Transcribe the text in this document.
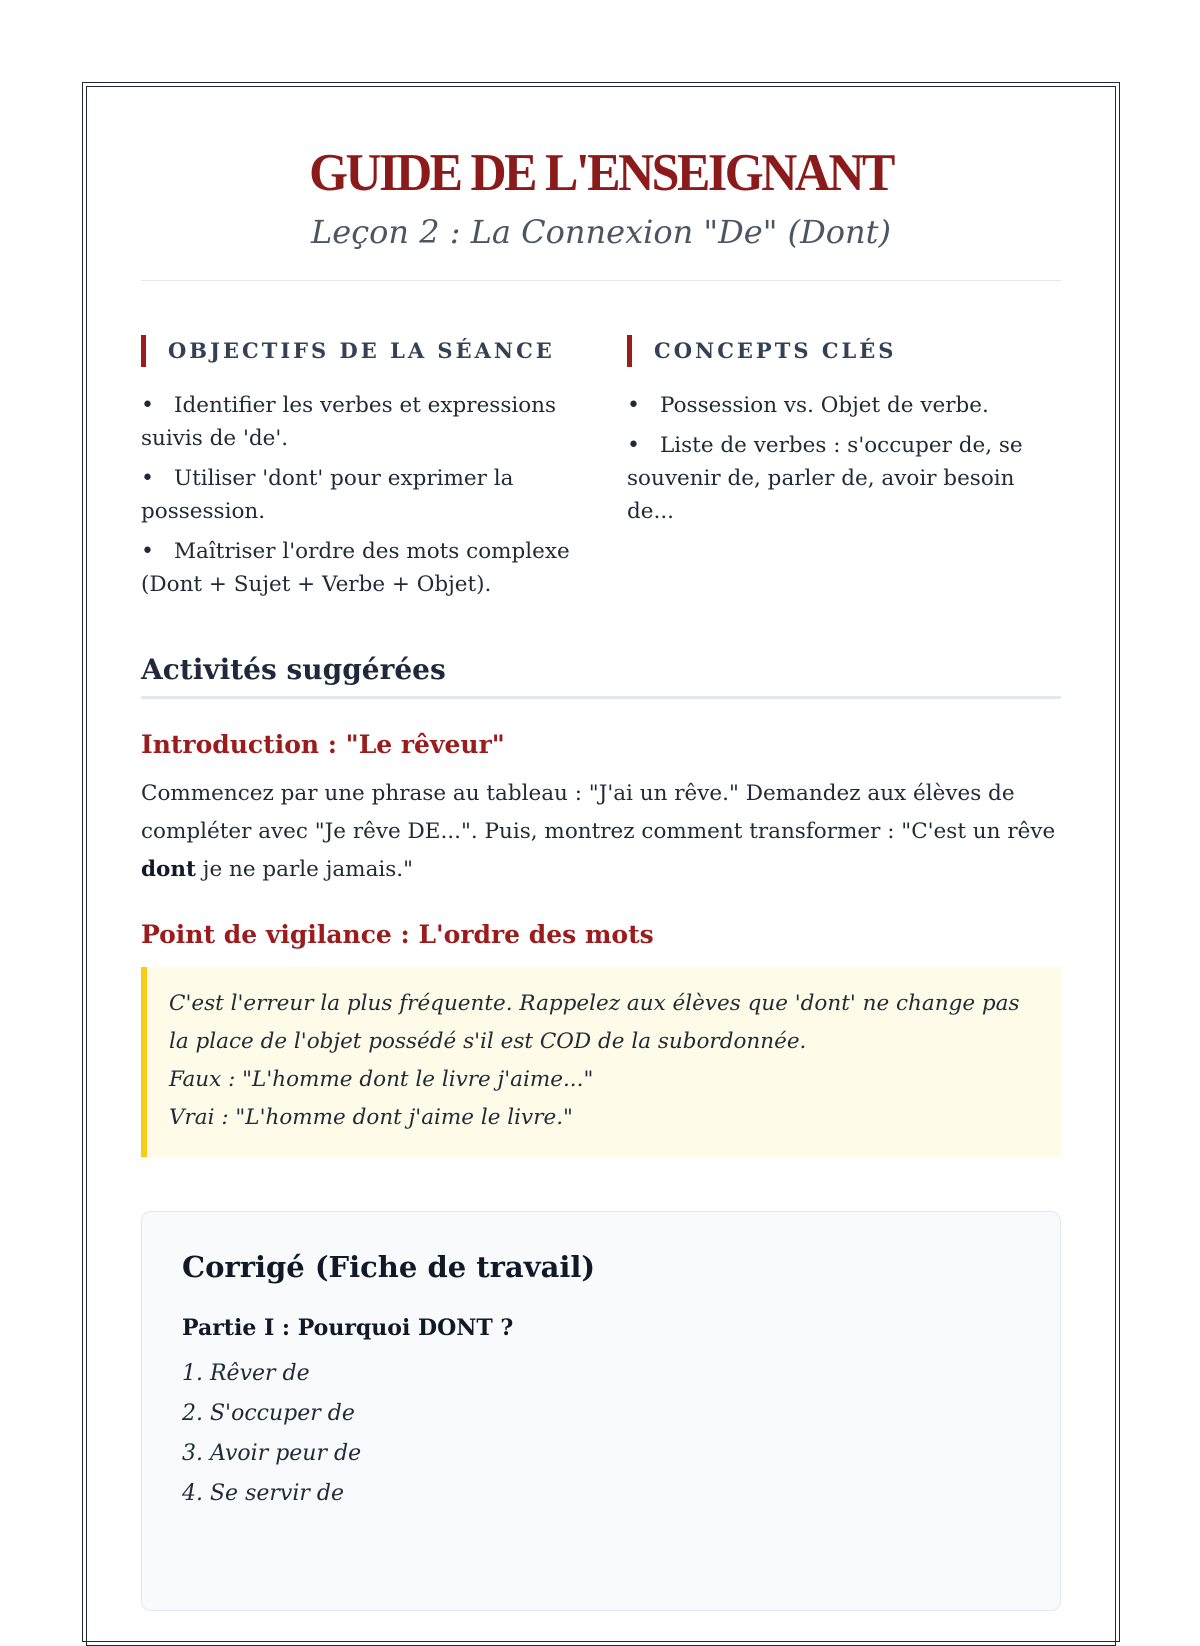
GUIDE DE L'ENSEIGNANT

Leçon 2 : La Connexion "De" (Dont)

OBJECTIFS DE LA SÉANCE
• Identifier les verbes et expressions suivis de 'de'.
• Utiliser 'dont' pour exprimer la possession.
• Maîtriser l'ordre des mots complexe (Dont + Sujet + Verbe + Objet).
CONCEPTS CLÉS
• Possession vs. Objet de verbe.
• Liste de verbes : s'occuper de, se souvenir de, parler de, avoir besoin de...
Activités suggérées
Introduction : "Le rêveur"

Commencez par une phrase au tableau : "J'ai un rêve." Demandez aux élèves de compléter avec "Je rêve DE...". Puis, montrez comment transformer : "C'est un rêve dont je ne parle jamais."

Point de vigilance : L'ordre des mots
C'est l'erreur la plus fréquente. Rappelez aux élèves que 'dont' ne change pas la place de l'objet possédé s'il est COD de la subordonnée.
Faux : "L'homme dont le livre j'aime..."
Vrai : "L'homme dont j'aime le livre."
Corrigé (Fiche de travail)

Partie I : Pourquoi DONT ?

1. Rêver de
2. S'occuper de
3. Avoir peur de
4. Se servir de
